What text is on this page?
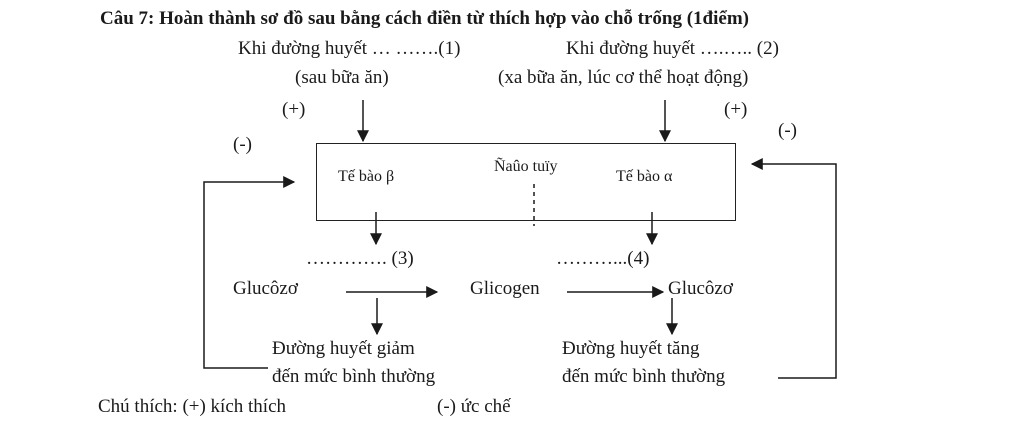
Câu 7: Hoàn thành sơ đồ sau bằng cách điền từ thích hợp vào chỗ trống (1điểm)
Khi đường huyết … …….(1)	Khi đường huyết ….….. (2)
(sau bữa ăn)	(xa bữa ăn, lúc cơ thể hoạt động)
(+)	(+)
(-)
(-)
Tế bào β
Ñaûo tuïy
Tế bào α
…………. (3)	………...(4)
Glucôzơ	Glicogen	Glucôzơ
Đường huyết giảm
đến mức bình thường
Đường huyết tăng
đến mức bình thường
Chú thích: (+) kích thích	(-) ức chế
